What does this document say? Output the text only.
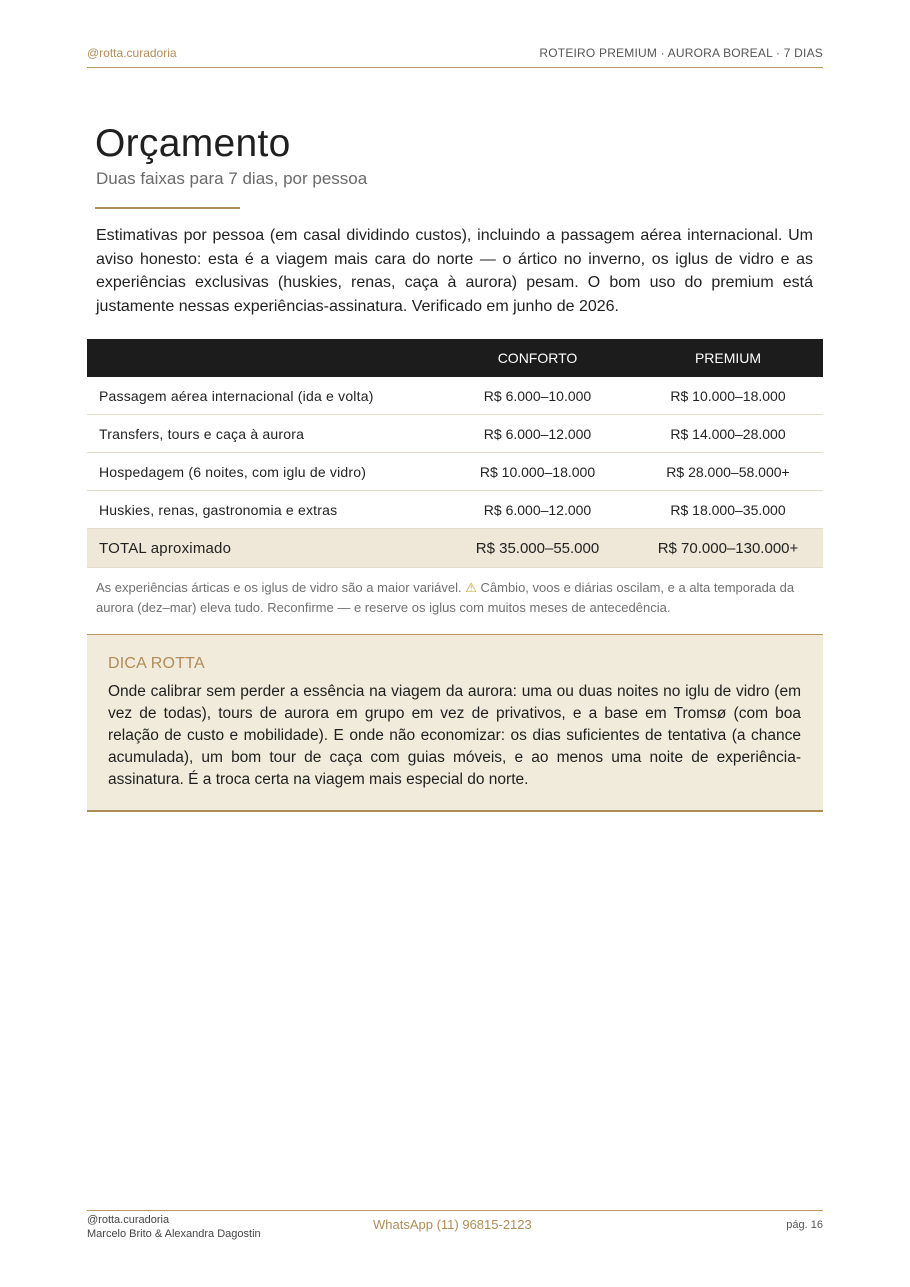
@rotta.curadoria	ROTEIRO PREMIUM · AURORA BOREAL · 7 DIAS
Orçamento
Duas faixas para 7 dias, por pessoa

Estimativas por pessoa (em casal dividindo custos), incluindo a passagem aérea internacional. Um aviso honesto: esta é a viagem mais cara do norte — o ártico no inverno, os iglus de vidro e as experiências exclusivas (huskies, renas, caça à aurora) pesam. O bom uso do premium está justamente nessas experiências-assinatura. Verificado em junho de 2026.

	CONFORTO	PREMIUM
Passagem aérea internacional (ida e volta)	R$ 6.000–10.000	R$ 10.000–18.000
Transfers, tours e caça à aurora	R$ 6.000–12.000	R$ 14.000–28.000
Hospedagem (6 noites, com iglu de vidro)	R$ 10.000–18.000	R$ 28.000–58.000+
Huskies, renas, gastronomia e extras	R$ 6.000–12.000	R$ 18.000–35.000
TOTAL aproximado	R$ 35.000–55.000	R$ 70.000–130.000+

As experiências árticas e os iglus de vidro são a maior variável. ⚠ Câmbio, voos e diárias oscilam, e a alta temporada da aurora (dez–mar) eleva tudo. Reconfirme — e reserve os iglus com muitos meses de antecedência.

DICA ROTTA

Onde calibrar sem perder a essência na viagem da aurora: uma ou duas noites no iglu de vidro (em vez de todas), tours de aurora em grupo em vez de privativos, e a base em Tromsø (com boa relação de custo e mobilidade). E onde não economizar: os dias suficientes de tentativa (a chance acumulada), um bom tour de caça com guias móveis, e ao menos uma noite de experiência-assinatura. É a troca certa na viagem mais especial do norte.

@rotta.curadoria
Marcelo Brito & Alexandra Dagostin
WhatsApp (11) 96815-2123	pág. 16
